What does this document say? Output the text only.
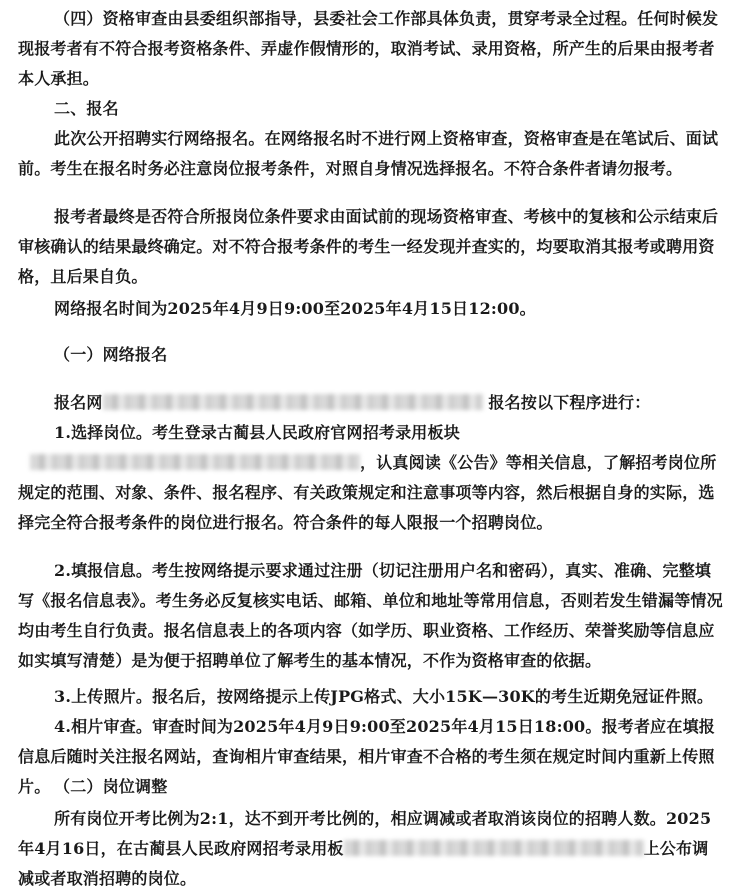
（四）资格审查由县委组织部指导，县委社会工作部具体负责，贯穿考录全过程。任何时候发现报考者有不符合报考资格条件、弄虚作假情形的，取消考试、录用资格，所产生的后果由报考者本人承担。
二、报名
此次公开招聘实行网络报名。在网络报名时不进行网上资格审查，资格审查是在笔试后、面试前。考生在报名时务必注意岗位报考条件，对照自身情况选择报名。不符合条件者请勿报考。
报考者最终是否符合所报岗位条件要求由面试前的现场资格审查、考核中的复核和公示结束后审核确认的结果最终确定。对不符合报考条件的考生一经发现并查实的，均要取消其报考或聘用资格，且后果自负。
网络报名时间为2025年4月9日9:00至2025年4月15日12:00。
（一）网络报名
报名网	报名按以下程序进行：
1.选择岗位。考生登录古蔺县人民政府官网招考录用板块
，认真阅读《公告》等相关信息，了解招考岗位所规定的范围、对象、条件、报名程序、有关政策规定和注意事项等内容，然后根据自身的实际，选择完全符合报考条件的岗位进行报名。符合条件的每人限报一个招聘岗位。
2.填报信息。考生按网络提示要求通过注册（切记注册用户名和密码），真实、准确、完整填写《报名信息表》。考生务必反复核实电话、邮箱、单位和地址等常用信息，否则若发生错漏等情况均由考生自行负责。报名信息表上的各项内容（如学历、职业资格、工作经历、荣誉奖励等信息应如实填写清楚）是为便于招聘单位了解考生的基本情况，不作为资格审查的依据。
3.上传照片。报名后，按网络提示上传JPG格式、大小15K—30K的考生近期免冠证件照。
4.相片审查。审查时间为2025年4月9日9:00至2025年4月15日18:00。报考者应在填报信息后随时关注报名网站，查询相片审查结果，相片审查不合格的考生须在规定时间内重新上传照片。 （二）岗位调整
所有岗位开考比例为2:1，达不到开考比例的，相应调减或者取消该岗位的招聘人数。2025年4月16日，在古蔺县人民政府网招考录用板	上公布调减或者取消招聘的岗位。
